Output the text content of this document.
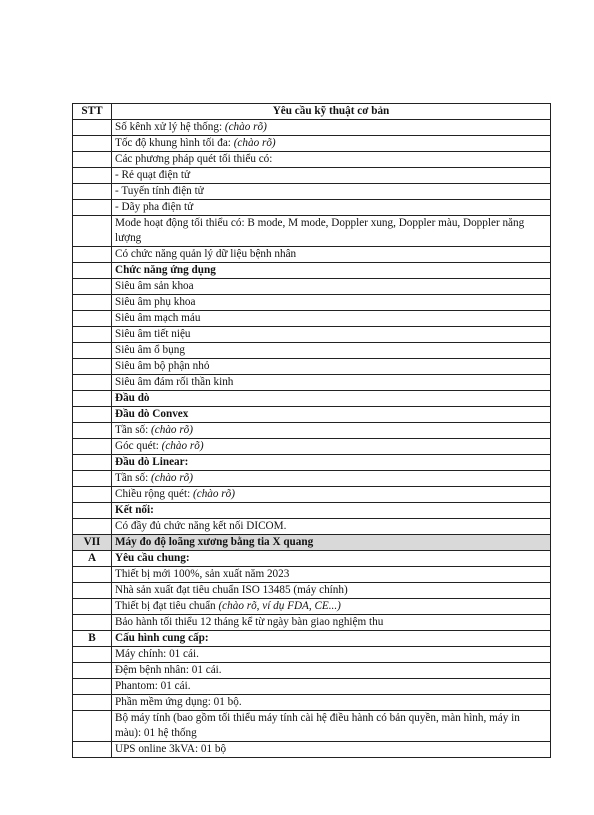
STT	Yêu cầu kỹ thuật cơ bản
	Số kênh xử lý hệ thống: (chào rõ)
	Tốc độ khung hình tối đa: (chào rõ)
	Các phương pháp quét tối thiểu có:
	- Rẻ quạt điện tử
	- Tuyến tính điện tử
	- Dãy pha điện tử
	Mode hoạt động tối thiểu có: B mode, M mode, Doppler xung, Doppler màu, Doppler năng lượng
	Có chức năng quản lý dữ liệu bệnh nhân
	Chức năng ứng dụng
	Siêu âm sản khoa
	Siêu âm phụ khoa
	Siêu âm mạch máu
	Siêu âm tiết niệu
	Siêu âm ổ bụng
	Siêu âm bộ phận nhỏ
	Siêu âm đám rối thần kinh
	Đầu dò
	Đầu dò Convex
	Tần số: (chào rõ)
	Góc quét: (chào rõ)
	Đầu dò Linear:
	Tần số: (chào rõ)
	Chiều rộng quét: (chào rõ)
	Kết nối:
	Có đầy đủ chức năng kết nối DICOM.
VII	Máy đo độ loãng xương bằng tia X quang
A	Yêu cầu chung:
	Thiết bị mới 100%, sản xuất năm 2023
	Nhà sản xuất đạt tiêu chuẩn ISO 13485 (máy chính)
	Thiết bị đạt tiêu chuẩn (chào rõ, ví dụ FDA, CE...)
	Bảo hành tối thiểu 12 tháng kể từ ngày bàn giao nghiệm thu
B	Cấu hình cung cấp:
	Máy chính: 01 cái.
	Đệm bệnh nhân: 01 cái.
	Phantom: 01 cái.
	Phần mềm ứng dụng: 01 bộ.
	Bộ máy tính (bao gồm tối thiểu máy tính cài hệ điều hành có bản quyền, màn hình, máy in màu): 01 hệ thống
	UPS online 3kVA: 01 bộ
